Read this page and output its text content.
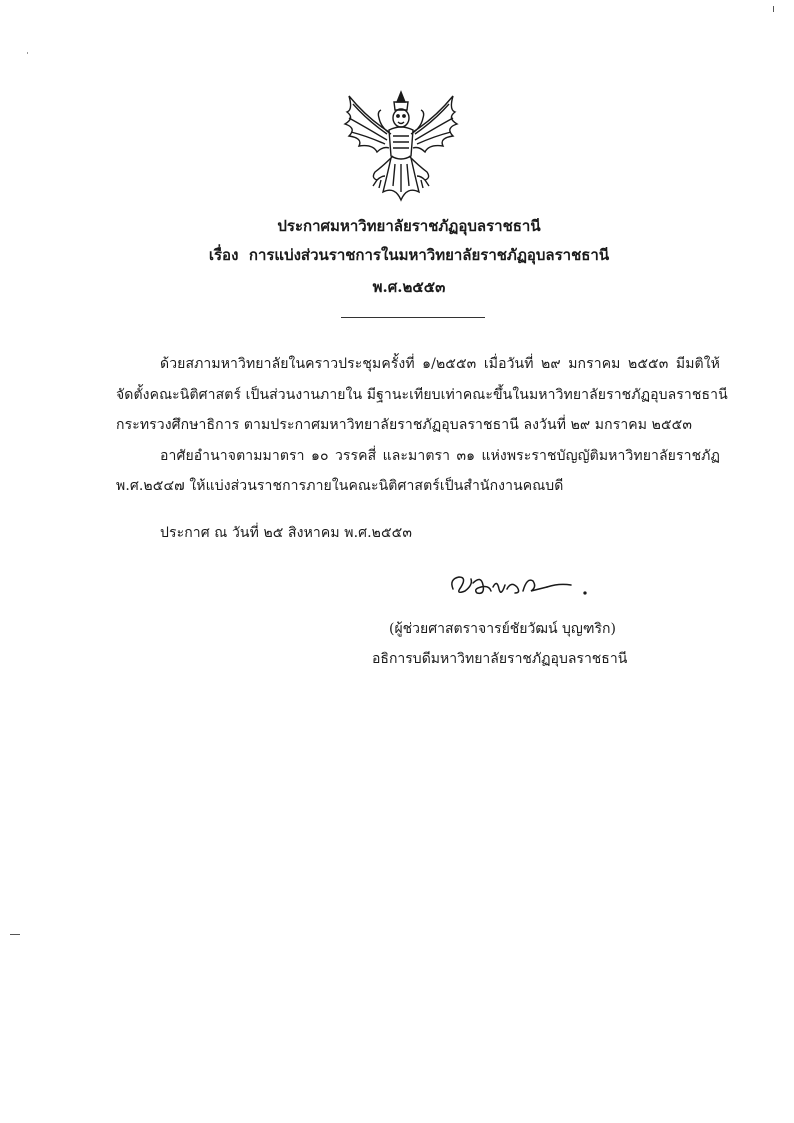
ประกาศมหาวิทยาลัยราชภัฏอุบลราชธานี
เรื่อง การแบ่งส่วนราชการในมหาวิทยาลัยราชภัฏอุบลราชธานี
พ.ศ.๒๕๕๓
ด้วยสภามหาวิทยาลัยในคราวประชุมครั้งที่ ๑/๒๕๕๓ เมื่อวันที่ ๒๙ มกราคม ๒๕๕๓ มีมติให้
จัดตั้งคณะนิติศาสตร์ เป็นส่วนงานภายใน มีฐานะเทียบเท่าคณะขึ้นในมหาวิทยาลัยราชภัฏอุบลราชธานี
กระทรวงศึกษาธิการ ตามประกาศมหาวิทยาลัยราชภัฏอุบลราชธานี ลงวันที่ ๒๙ มกราคม ๒๕๕๓
อาศัยอำนาจตามมาตรา ๑๐ วรรคสี่ และมาตรา ๓๑ แห่งพระราชบัญญัติมหาวิทยาลัยราชภัฏ
พ.ศ.๒๕๔๗ ให้แบ่งส่วนราชการภายในคณะนิติศาสตร์เป็นสำนักงานคณบดี
ประกาศ ณ วันที่ ๒๕ สิงหาคม พ.ศ.๒๕๕๓
(ผู้ช่วยศาสตราจารย์ชัยวัฒน์ บุญฑริก)
อธิการบดีมหาวิทยาลัยราชภัฏอุบลราชธานี
